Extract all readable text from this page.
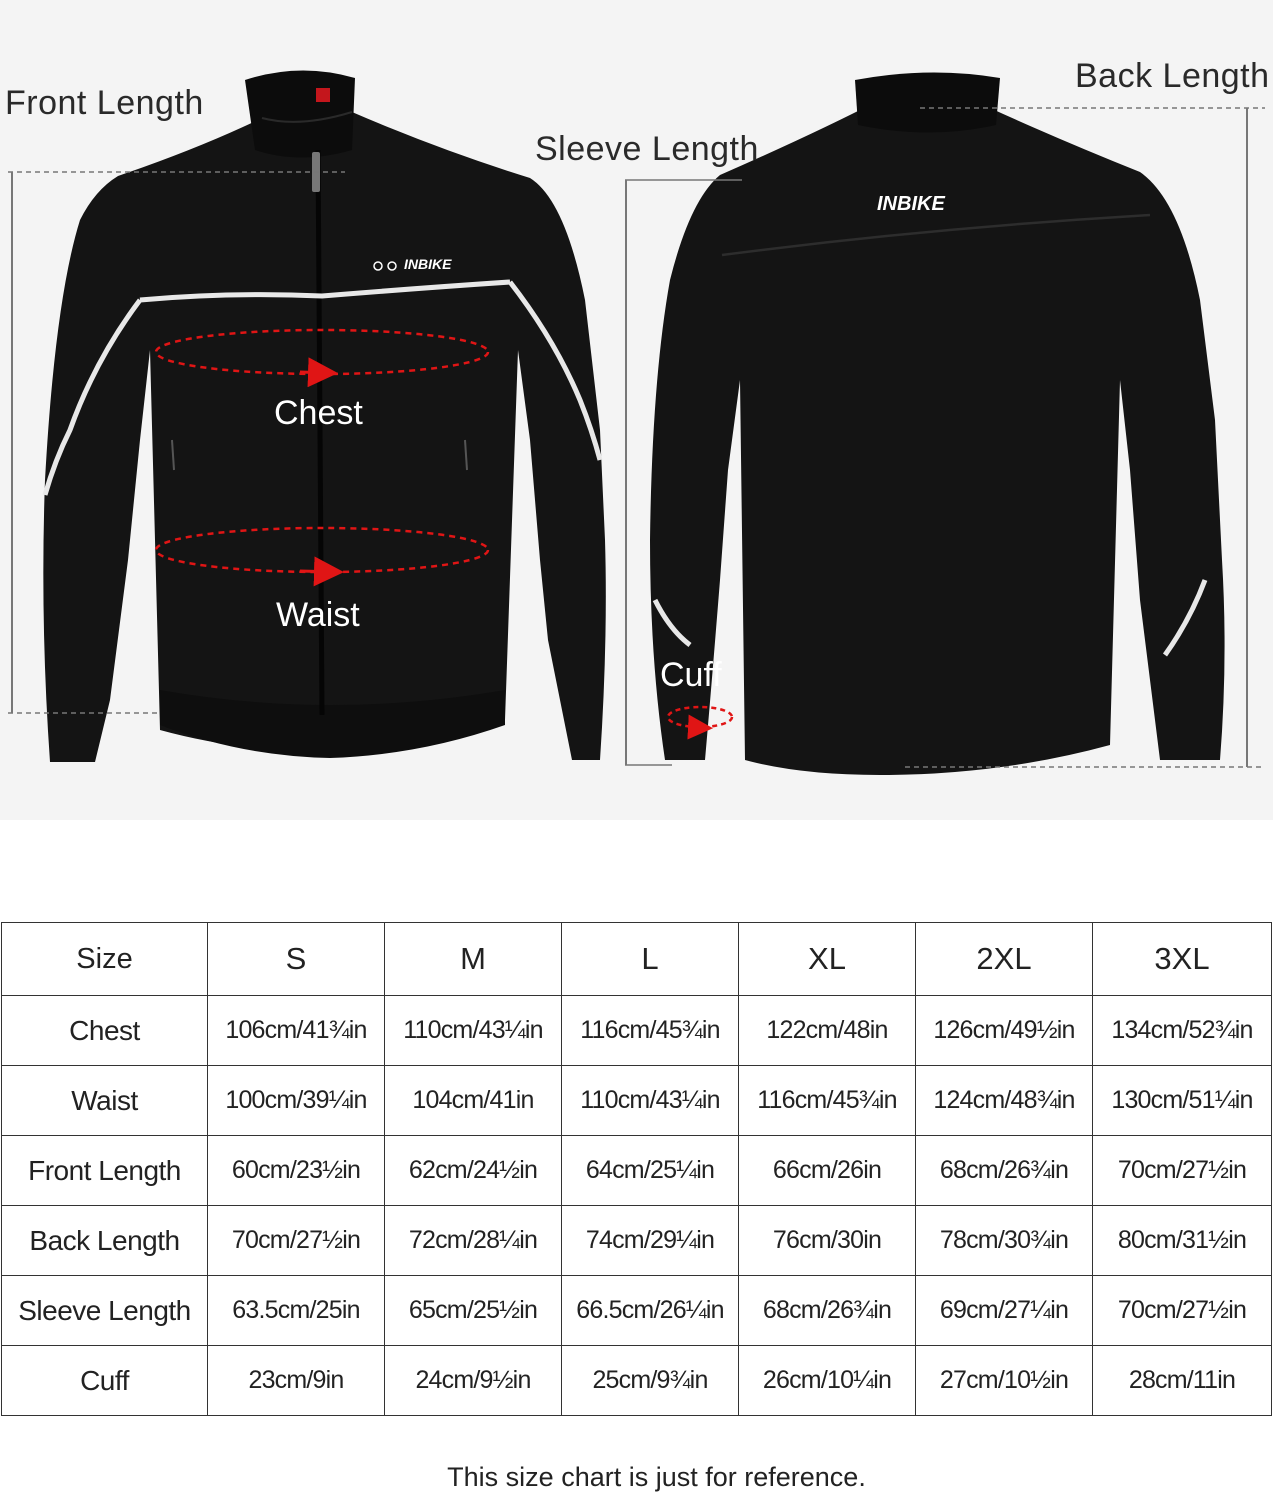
Front Length
Sleeve Length
Back Length
Chest
Waist
Cuff
INBIKE
INBIKE
Size	S	M	L	XL	2XL	3XL
Chest	106cm/41¾in	110cm/43¼in	116cm/45¾in	122cm/48in	126cm/49½in	134cm/52¾in
Waist	100cm/39¼in	104cm/41in	110cm/43¼in	116cm/45¾in	124cm/48¾in	130cm/51¼in
Front Length	60cm/23½in	62cm/24½in	64cm/25¼in	66cm/26in	68cm/26¾in	70cm/27½in
Back Length	70cm/27½in	72cm/28¼in	74cm/29¼in	76cm/30in	78cm/30¾in	80cm/31½in
Sleeve Length	63.5cm/25in	65cm/25½in	66.5cm/26¼in	68cm/26¾in	69cm/27¼in	70cm/27½in
Cuff	23cm/9in	24cm/9½in	25cm/9¾in	26cm/10¼in	27cm/10½in	28cm/11in
This size chart is just for reference.
